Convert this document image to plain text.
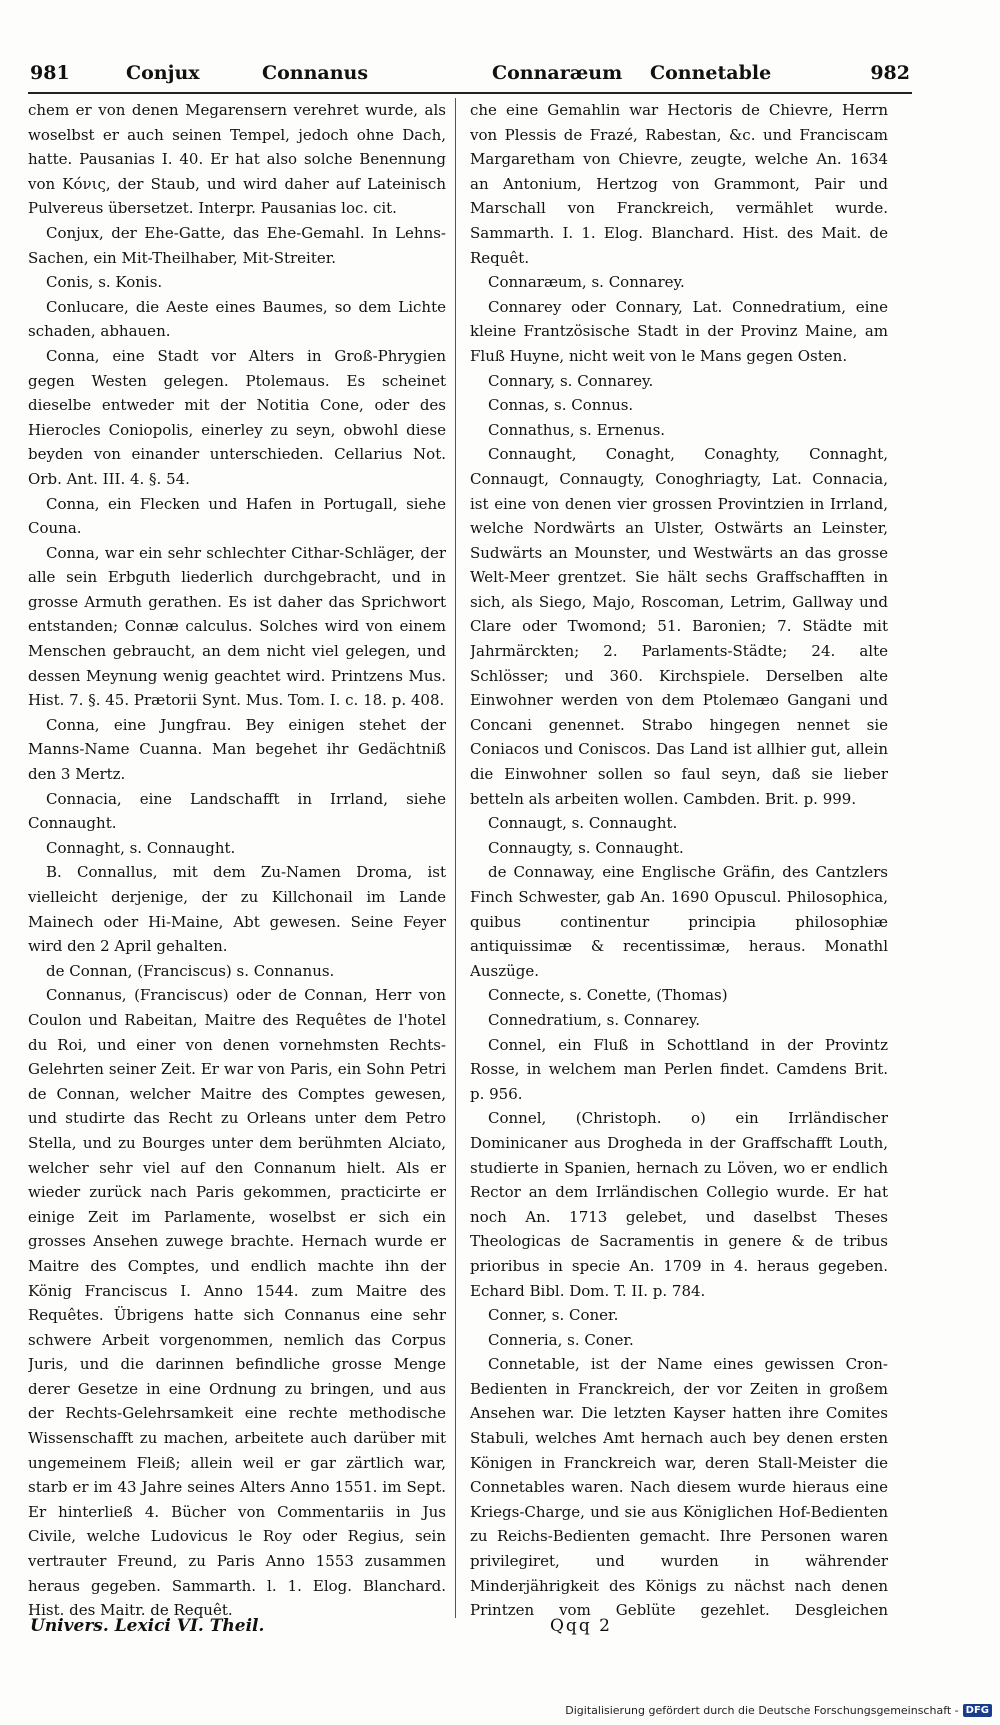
981	Conjux	Connanus	Connaræum Connetable	982

chem er von denen Megarensern verehret wurde, als woselbst er auch seinen Tempel, jedoch ohne Dach, hatte. Pausanias I. 40. Er hat also solche Benennung von Κόνις, der Staub, und wird daher auf Lateinisch Pulvereus übersetzet. Interpr. Pausanias loc. cit.

Conjux, der Ehe-Gatte, das Ehe-Gemahl. In Lehns-Sachen, ein Mit-Theilhaber, Mit-Streiter.

Conis, s. Konis.

Conlucare, die Aeste eines Baumes, so dem Lichte schaden, abhauen.

Conna, eine Stadt vor Alters in Groß-Phrygien gegen Westen gelegen. Ptolemaus. Es scheinet dieselbe entweder mit der Notitia Cone, oder des Hierocles Coniopolis, einerley zu seyn, obwohl diese beyden von einander unterschieden. Cellarius Not. Orb. Ant. III. 4. §. 54.

Conna, ein Flecken und Hafen in Portugall, siehe Couna.

Conna, war ein sehr schlechter Cithar-Schläger, der alle sein Erbguth liederlich durchgebracht, und in grosse Armuth gerathen. Es ist daher das Sprichwort entstanden; Connæ calculus. Solches wird von einem Menschen gebraucht, an dem nicht viel gelegen, und dessen Meynung wenig geachtet wird. Printzens Mus. Hist. 7. §. 45. Prætorii Synt. Mus. Tom. I. c. 18. p. 408.

Conna, eine Jungfrau. Bey einigen stehet der Manns-Name Cuanna. Man begehet ihr Gedächtniß den 3 Mertz.

Connacia, eine Landschafft in Irrland, siehe Connaught.

Connaght, s. Connaught.

B. Connallus, mit dem Zu-Namen Droma, ist vielleicht derjenige, der zu Killchonail im Lande Mainech oder Hi-Maine, Abt gewesen. Seine Feyer wird den 2 April gehalten.

de Connan, (Franciscus) s. Connanus.

Connanus, (Franciscus) oder de Connan, Herr von Coulon und Rabeitan, Maitre des Requêtes de l'hotel du Roi, und einer von denen vornehmsten Rechts-Gelehrten seiner Zeit. Er war von Paris, ein Sohn Petri de Connan, welcher Maitre des Comptes gewesen, und studirte das Recht zu Orleans unter dem Petro Stella, und zu Bourges unter dem berühmten Alciato, welcher sehr viel auf den Connanum hielt. Als er wieder zurück nach Paris gekommen, practicirte er einige Zeit im Parlamente, woselbst er sich ein grosses Ansehen zuwege brachte. Hernach wurde er Maitre des Comptes, und endlich machte ihn der König Franciscus I. Anno 1544. zum Maitre des Requêtes. Übrigens hatte sich Connanus eine sehr schwere Arbeit vorgenommen, nemlich das Corpus Juris, und die darinnen befindliche grosse Menge derer Gesetze in eine Ordnung zu bringen, und aus der Rechts-Gelehrsamkeit eine rechte methodische Wissenschafft zu machen, arbeitete auch darüber mit ungemeinem Fleiß; allein weil er gar zärtlich war, starb er im 43 Jahre seines Alters Anno 1551. im Sept. Er hinterließ 4. Bücher von Commentariis in Jus Civile, welche Ludovicus le Roy oder Regius, sein vertrauter Freund, zu Paris Anno 1553 zusammen heraus gegeben. Sammarth. l. 1. Elog. Blanchard. Hist. des Maitr. de Requêt.

che eine Gemahlin war Hectoris de Chievre, Herrn von Plessis de Frazé, Rabestan, &c. und Franciscam Margaretham von Chievre, zeugte, welche An. 1634 an Antonium, Hertzog von Grammont, Pair und Marschall von Franckreich, vermählet wurde. Sammarth. I. 1. Elog. Blanchard. Hist. des Mait. de Requêt.

Connaræum, s. Connarey.

Connarey oder Connary, Lat. Connedratium, eine kleine Frantzösische Stadt in der Provinz Maine, am Fluß Huyne, nicht weit von le Mans gegen Osten.

Connary, s. Connarey.

Connas, s. Connus.

Connathus, s. Ernenus.

Connaught, Conaght, Conaghty, Connaght, Connaugt, Connaugty, Conoghriagty, Lat. Connacia, ist eine von denen vier grossen Provintzien in Irrland, welche Nordwärts an Ulster, Ostwärts an Leinster, Sudwärts an Mounster, und Westwärts an das grosse Welt-Meer grentzet. Sie hält sechs Graffschafften in sich, als Siego, Majo, Roscoman, Letrim, Gallway und Clare oder Twomond; 51. Baronien; 7. Städte mit Jahrmärckten; 2. Parlaments-Städte; 24. alte Schlösser; und 360. Kirchspiele. Derselben alte Einwohner werden von dem Ptolemæo Gangani und Concani genennet. Strabo hingegen nennet sie Coniacos und Coniscos. Das Land ist allhier gut, allein die Einwohner sollen so faul seyn, daß sie lieber betteln als arbeiten wollen. Cambden. Brit. p. 999.

Connaugt, s. Connaught.

Connaugty, s. Connaught.

de Connaway, eine Englische Gräfin, des Cantzlers Finch Schwester, gab An. 1690 Opuscul. Philosophica, quibus continentur principia philosophiæ antiquissimæ & recentissimæ, heraus. Monathl Auszüge.

Connecte, s. Conette, (Thomas)

Connedratium, s. Connarey.

Connel, ein Fluß in Schottland in der Provintz Rosse, in welchem man Perlen findet. Camdens Brit. p. 956.

Connel, (Christoph. o) ein Irrländischer Dominicaner aus Drogheda in der Graffschafft Louth, studierte in Spanien, hernach zu Löven, wo er endlich Rector an dem Irrländischen Collegio wurde. Er hat noch An. 1713 gelebet, und daselbst Theses Theologicas de Sacramentis in genere & de tribus prioribus in specie An. 1709 in 4. heraus gegeben. Echard Bibl. Dom. T. II. p. 784.

Conner, s. Coner.

Conneria, s. Coner.

Connetable, ist der Name eines gewissen Cron-Bedienten in Franckreich, der vor Zeiten in großem Ansehen war. Die letzten Kayser hatten ihre Comites Stabuli, welches Amt hernach auch bey denen ersten Königen in Franckreich war, deren Stall-Meister die Connetables waren. Nach diesem wurde hieraus eine Kriegs-Charge, und sie aus Königlichen Hof-Bedienten zu Reichs-Bedienten gemacht. Ihre Personen waren privilegiret, und wurden in währender Minderjährigkeit des Königs zu nächst nach denen Printzen vom Geblüte gezehlet. Desgleichen

Univers. Lexici VI. Theil.	Qqq 2
Digitalisierung gefördert durch die Deutsche Forschungsgemeinschaft - DFG
